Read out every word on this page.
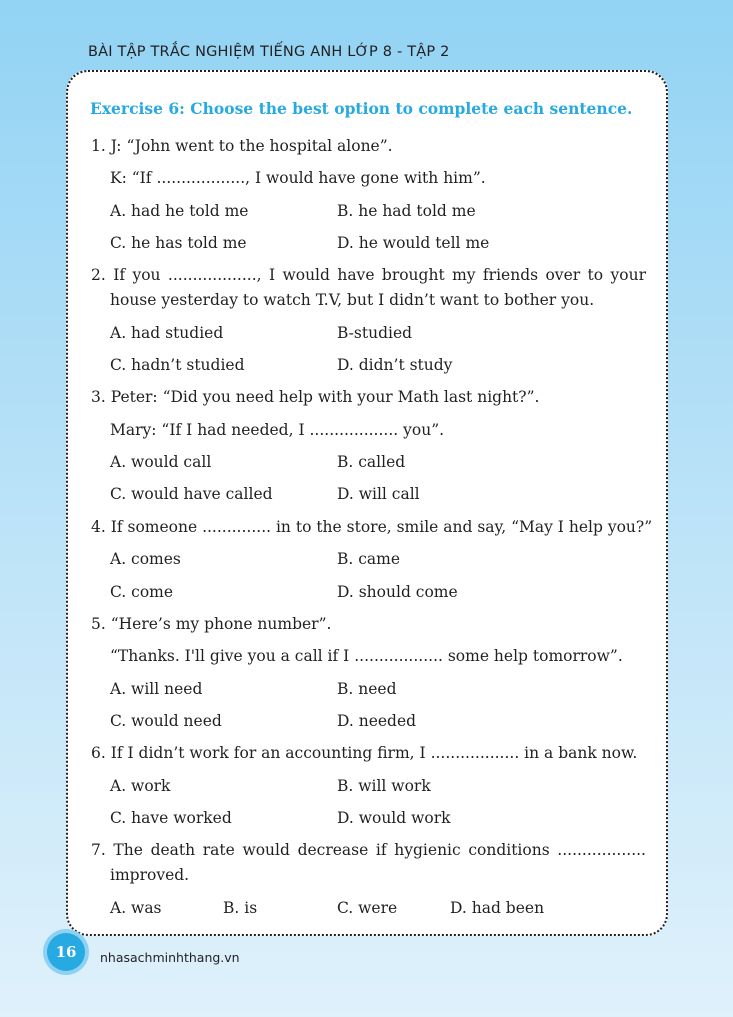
BÀI TẬP TRẮC NGHIỆM TIẾNG ANH LỚP 8 - TẬP 2
Exercise 6: Choose the best option to complete each sentence.
1. J: “John went to the hospital alone”.
K: “If .................., I would have gone with him”.
A. had he told me	B. he had told me
C. he has told me	D. he would tell me
2. If you .................., I would have brought my friends over to your
house yesterday to watch T.V, but I didn’t want to bother you.
A. had studied	B-studied
C. hadn’t studied	D. didn’t study
3. Peter: “Did you need help with your Math last night?”.
Mary: “If I had needed, I .................. you”.
A. would call	B. called
C. would have called	D. will call
4. If someone .............. in to the store, smile and say, “May I help you?”
A. comes	B. came
C. come	D. should come
5. “Here’s my phone number”.
“Thanks. I'll give you a call if I .................. some help tomorrow”.
A. will need	B. need
C. would need	D. needed
6. If I didn’t work for an accounting firm, I .................. in a bank now.
A. work	B. will work
C. have worked	D. would work
7. The death rate would decrease if hygienic conditions ..................
improved.
A. was	B. is	C. were	D. had been
16 nhasachminhthang.vn
